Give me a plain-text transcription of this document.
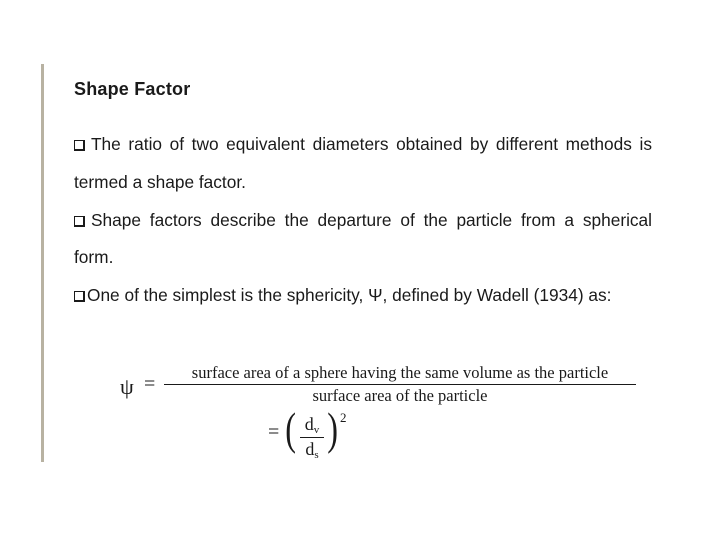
Shape Factor

The ratio of two equivalent diameters obtained by different methods is termed a shape factor.

Shape factors describe the departure of the particle from a spherical form.

One of the simplest is the sphericity, Ψ, defined by Wadell (1934) as:

ψ =
surface area of a sphere having the same volume as the particle
surface area of the particle
= ( $d_v$
$d_s$
) 2
